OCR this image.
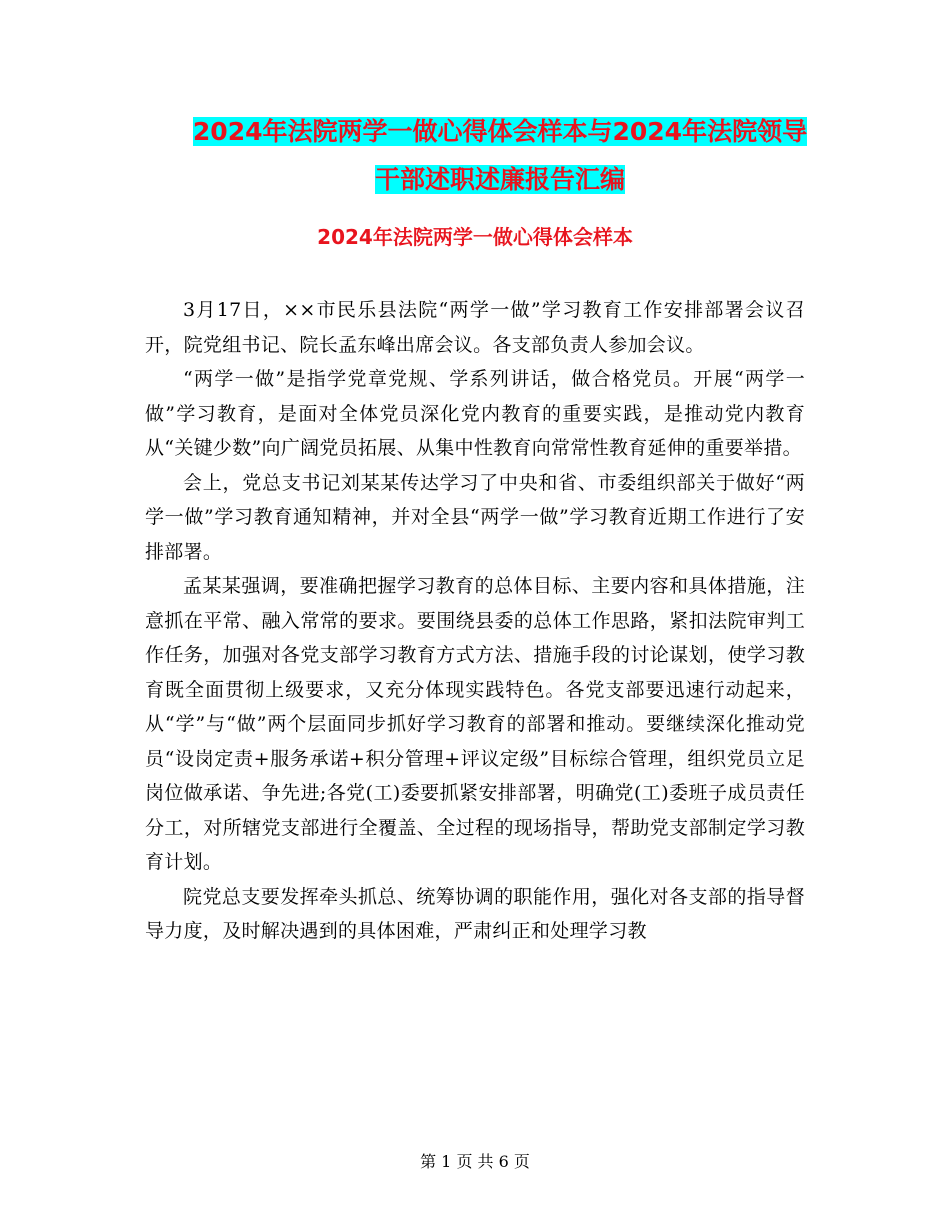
2024年法院两学一做心得体会样本与2024年法院领导
干部述职述廉报告汇编
2024年法院两学一做心得体会样本

3月17日，××市民乐县法院“两学一做”学习教育工作安排部署会议召开，院党组书记、院长孟东峰出席会议。各支部负责人参加会议。

“两学一做”是指学党章党规、学系列讲话，做合格党员。开展“两学一做”学习教育，是面对全体党员深化党内教育的重要实践，是推动党内教育从“关键少数”向广阔党员拓展、从集中性教育向常常性教育延伸的重要举措。

会上，党总支书记刘某某传达学习了中央和省、市委组织部关于做好“两学一做”学习教育通知精神，并对全县“两学一做”学习教育近期工作进行了安排部署。

孟某某强调，要准确把握学习教育的总体目标、主要内容和具体措施，注意抓在平常、融入常常的要求。要围绕县委的总体工作思路，紧扣法院审判工作任务，加强对各党支部学习教育方式方法、措施手段的讨论谋划，使学习教育既全面贯彻上级要求，又充分体现实践特色。各党支部要迅速行动起来，从“学”与“做”两个层面同步抓好学习教育的部署和推动。要继续深化推动党员“设岗定责+服务承诺+积分管理+评议定级”目标综合管理，组织党员立足岗位做承诺、争先进;各党(工)委要抓紧安排部署，明确党(工)委班子成员责任分工，对所辖党支部进行全覆盖、全过程的现场指导，帮助党支部制定学习教育计划。

院党总支要发挥牵头抓总、统筹协调的职能作用，强化对各支部的指导督导力度，及时解决遇到的具体困难，严肃纠正和处理学习教

第 1 页 共 6 页
